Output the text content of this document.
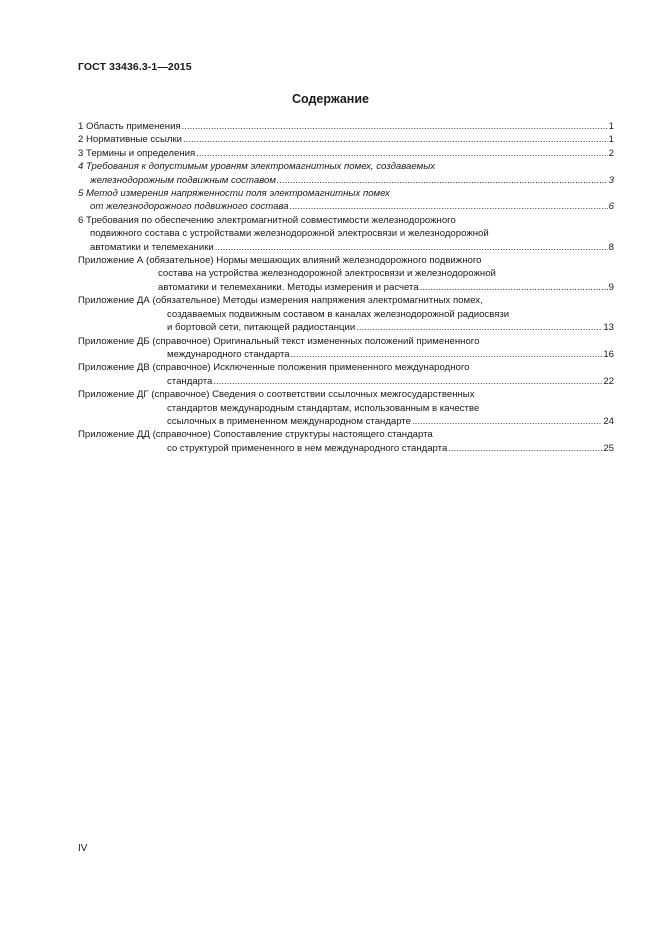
ГОСТ 33436.3-1—2015
Содержание
1 Область применения .....	1
2 Нормативные ссылки .....	1
3 Термины и определения .....	2
4 Требования к допустимым уровням электромагнитных помех, создаваемых
железнодорожным подвижным составом .....	3
5 Метод измерения напряженности поля электромагнитных помех
от железнодорожного подвижного состава .....	6
6 Требования по обеспечению электромагнитной совместимости железнодорожного
подвижного состава с устройствами железнодорожной электросвязи и железнодорожной
автоматики и телемеханики .....	8
Приложение А (обязательное) Нормы мешающих влияний железнодорожного подвижного
состава на устройства железнодорожной электросвязи и железнодорожной
автоматики и телемеханики. Методы измерения и расчета .....	9
Приложение ДА (обязательное) Методы измерения напряжения электромагнитных помех,
создаваемых подвижным составом в каналах железнодорожной радиосвязи
и бортовой сети, питающей радиостанции .....	13
Приложение ДБ (справочное) Оригинальный текст измененных положений примененного
международного стандарта .....	16
Приложение ДВ (справочное) Исключенные положения примененного международного
стандарта .....	22
Приложение ДГ (справочное) Сведения о соответствии ссылочных межгосударственных
стандартов международным стандартам, использованным в качестве
ссылочных в примененном международном стандарте .....	24
Приложение ДД (справочное) Сопоставление структуры настоящего стандарта
со структурой примененного в нем международного стандарта .....	25
IV
